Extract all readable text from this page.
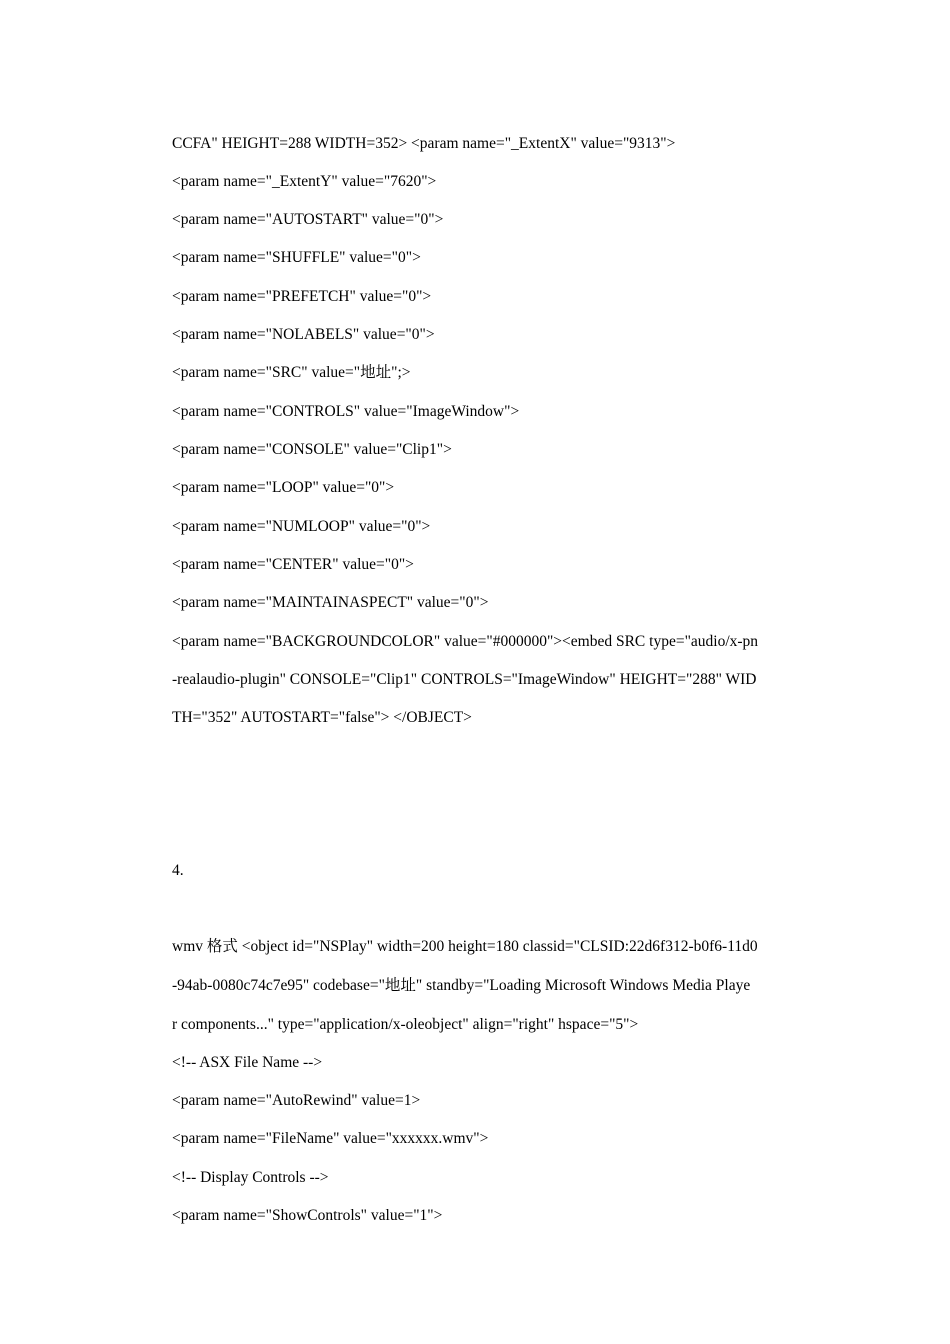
CCFA" HEIGHT=288 WIDTH=352> <param name="_ExtentX" value="9313">

<param name="_ExtentY" value="7620">

<param name="AUTOSTART" value="0">

<param name="SHUFFLE" value="0">

<param name="PREFETCH" value="0">

<param name="NOLABELS" value="0">

<param name="SRC" value="地址";>

<param name="CONTROLS" value="ImageWindow">

<param name="CONSOLE" value="Clip1">

<param name="LOOP" value="0">

<param name="NUMLOOP" value="0">

<param name="CENTER" value="0">

<param name="MAINTAINASPECT" value="0">

<param name="BACKGROUNDCOLOR" value="#000000"><embed SRC type="audio/x-pn

-realaudio-plugin" CONSOLE="Clip1" CONTROLS="ImageWindow" HEIGHT="288" WID

TH="352" AUTOSTART="false"> </OBJECT>

4.

wmv 格式 <object id="NSPlay" width=200 height=180 classid="CLSID:22d6f312-b0f6-11d0

-94ab-0080c74c7e95" codebase="地址" standby="Loading Microsoft Windows Media Playe

r components..." type="application/x-oleobject" align="right" hspace="5">

<!-- ASX File Name -->

<param name="AutoRewind" value=1>

<param name="FileName" value="xxxxxx.wmv">

<!-- Display Controls -->

<param name="ShowControls" value="1">
